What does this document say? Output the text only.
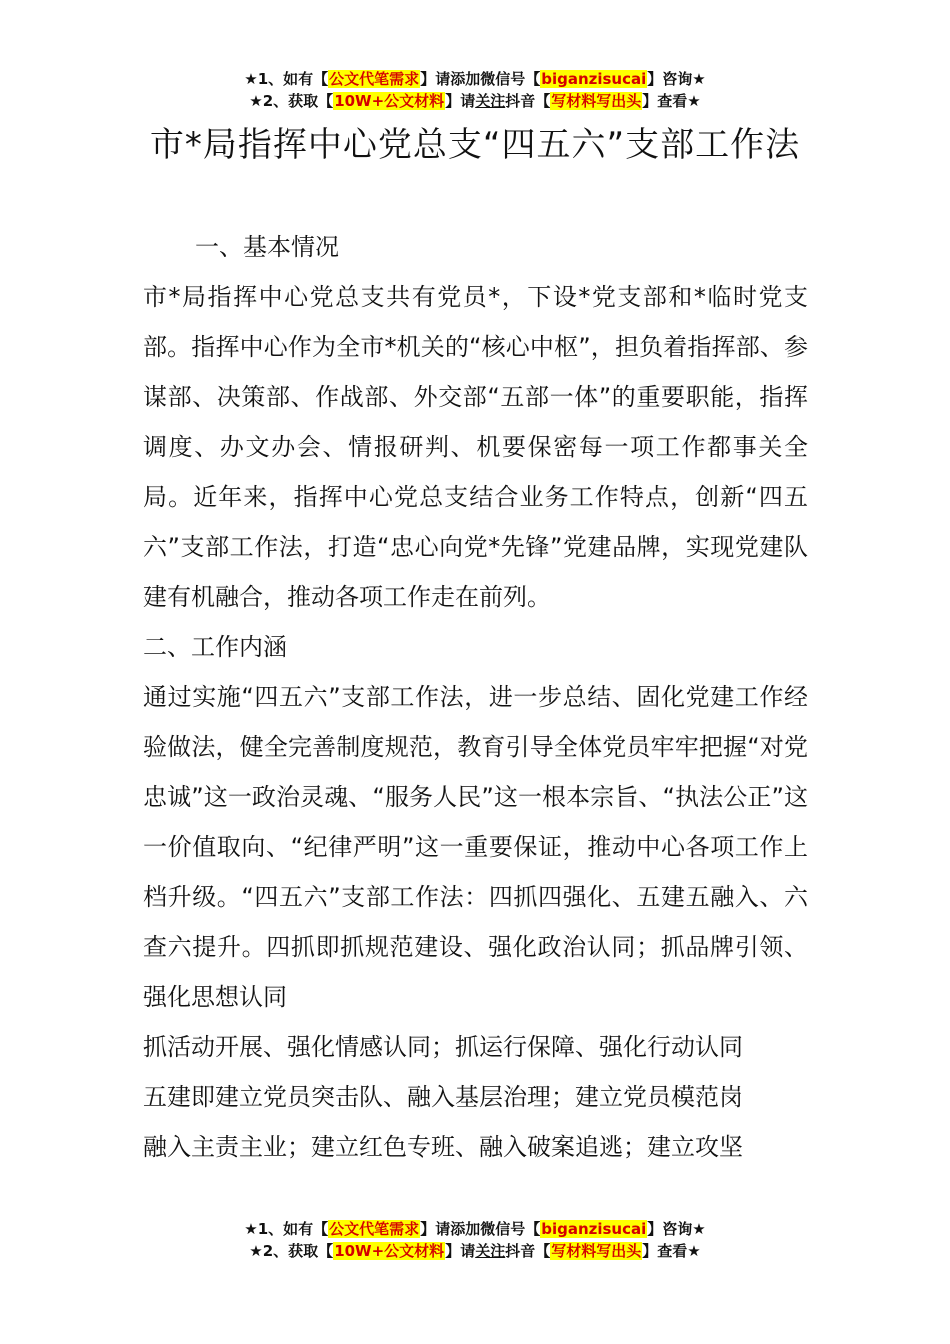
★1、如有【公文代笔需求】请添加微信号【biganzisucai】咨询★
★2、获取【10W+公文材料】请关注抖音【写材料写出头】查看★
市*局指挥中心党总支“四五六”支部工作法

一、基本情况

市*局指挥中心党总支共有党员*，下设*党支部和*临时党支部。指挥中心作为全市*机关的“核心中枢”，担负着指挥部、参谋部、决策部、作战部、外交部“五部一体”的重要职能，指挥调度、办文办会、情报研判、机要保密每一项工作都事关全局。近年来，指挥中心党总支结合业务工作特点，创新“四五六”支部工作法，打造“忠心向党*先锋”党建品牌，实现党建队建有机融合，推动各项工作走在前列。

二、工作内涵

通过实施“四五六”支部工作法，进一步总结、固化党建工作经验做法，健全完善制度规范，教育引导全体党员牢牢把握“对党忠诚”这一政治灵魂、“服务人民”这一根本宗旨、“执法公正”这一价值取向、“纪律严明”这一重要保证，推动中心各项工作上档升级。“四五六”支部工作法：四抓四强化、五建五融入、六查六提升。四抓即抓规范建设、强化政治认同；抓品牌引领、强化思想认同

抓活动开展、强化情感认同；抓运行保障、强化行动认同

五建即建立党员突击队、融入基层治理；建立党员模范岗

融入主责主业；建立红色专班、融入破案追逃；建立攻坚

★1、如有【公文代笔需求】请添加微信号【biganzisucai】咨询★
★2、获取【10W+公文材料】请关注抖音【写材料写出头】查看★
